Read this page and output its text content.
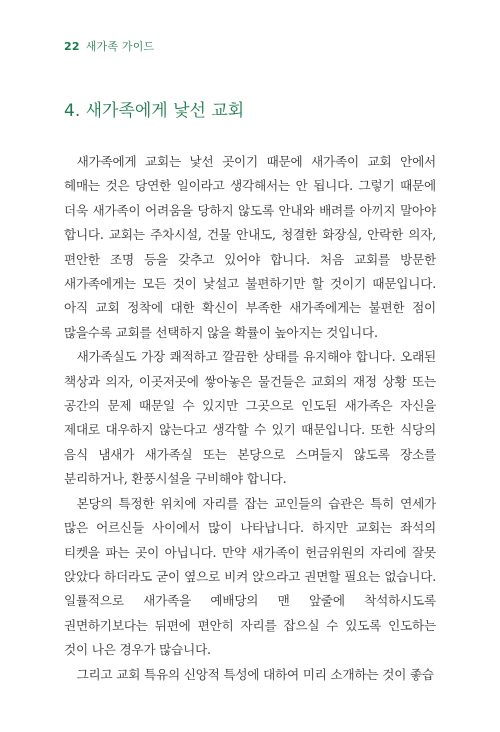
22 새가족 가이드
4. 새가족에게 낯선 교회

새가족에게 교회는 낯선 곳이기 때문에 새가족이 교회 안에서 헤매는 것은 당연한 일이라고 생각해서는 안 됩니다. 그렇기 때문에 더욱 새가족이 어려움을 당하지 않도록 안내와 배려를 아끼지 말아야 합니다. 교회는 주차시설, 건물 안내도, 청결한 화장실, 안락한 의자, 편안한 조명 등을 갖추고 있어야 합니다. 처음 교회를 방문한 새가족에게는 모든 것이 낯설고 불편하기만 할 것이기 때문입니다. 아직 교회 정착에 대한 확신이 부족한 새가족에게는 불편한 점이 많을수록 교회를 선택하지 않을 확률이 높아지는 것입니다.

새가족실도 가장 쾌적하고 깔끔한 상태를 유지해야 합니다. 오래된 책상과 의자, 이곳저곳에 쌓아놓은 물건들은 교회의 재정 상황 또는 공간의 문제 때문일 수 있지만 그곳으로 인도된 새가족은 자신을 제대로 대우하지 않는다고 생각할 수 있기 때문입니다. 또한 식당의 음식 냄새가 새가족실 또는 본당으로 스며들지 않도록 장소를 분리하거나, 환풍시설을 구비해야 합니다.

본당의 특정한 위치에 자리를 잡는 교인들의 습관은 특히 연세가 많은 어르신들 사이에서 많이 나타납니다. 하지만 교회는 좌석의 티켓을 파는 곳이 아닙니다. 만약 새가족이 헌금위원의 자리에 잘못 앉았다 하더라도 굳이 옆으로 비켜 앉으라고 권면할 필요는 없습니다. 일률적으로 새가족을 예배당의 맨 앞줄에 착석하시도록 권면하기보다는 뒤편에 편안히 자리를 잡으실 수 있도록 인도하는 것이 나은 경우가 많습니다.

그리고 교회 특유의 신앙적 특성에 대하여 미리 소개하는 것이 좋습
